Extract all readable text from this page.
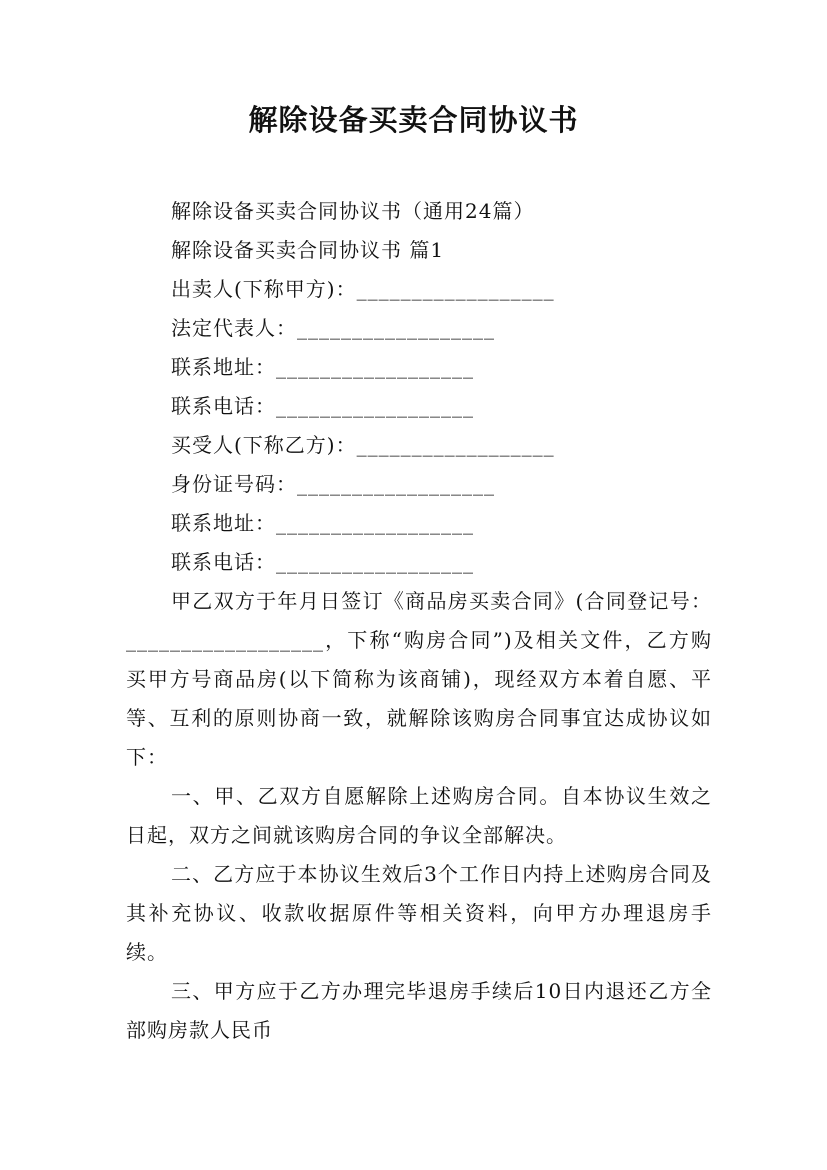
解除设备买卖合同协议书
解除设备买卖合同协议书（通用24篇）
解除设备买卖合同协议书 篇1
出卖人(下称甲方)：__________________
法定代表人：__________________
联系地址：__________________
联系电话：__________________
买受人(下称乙方)：__________________
身份证号码：__________________
联系地址：__________________
联系电话：__________________

甲乙双方于年月日签订《商品房买卖合同》(合同登记号：__________________，下称“购房合同”)及相关文件，乙方购买甲方号商品房(以下简称为该商铺)，现经双方本着自愿、平等、互利的原则协商一致，就解除该购房合同事宜达成协议如下：

一、甲、乙双方自愿解除上述购房合同。自本协议生效之日起，双方之间就该购房合同的争议全部解决。

二、乙方应于本协议生效后3个工作日内持上述购房合同及其补充协议、收款收据原件等相关资料，向甲方办理退房手续。

三、甲方应于乙方办理完毕退房手续后10日内退还乙方全部购房款人民币
